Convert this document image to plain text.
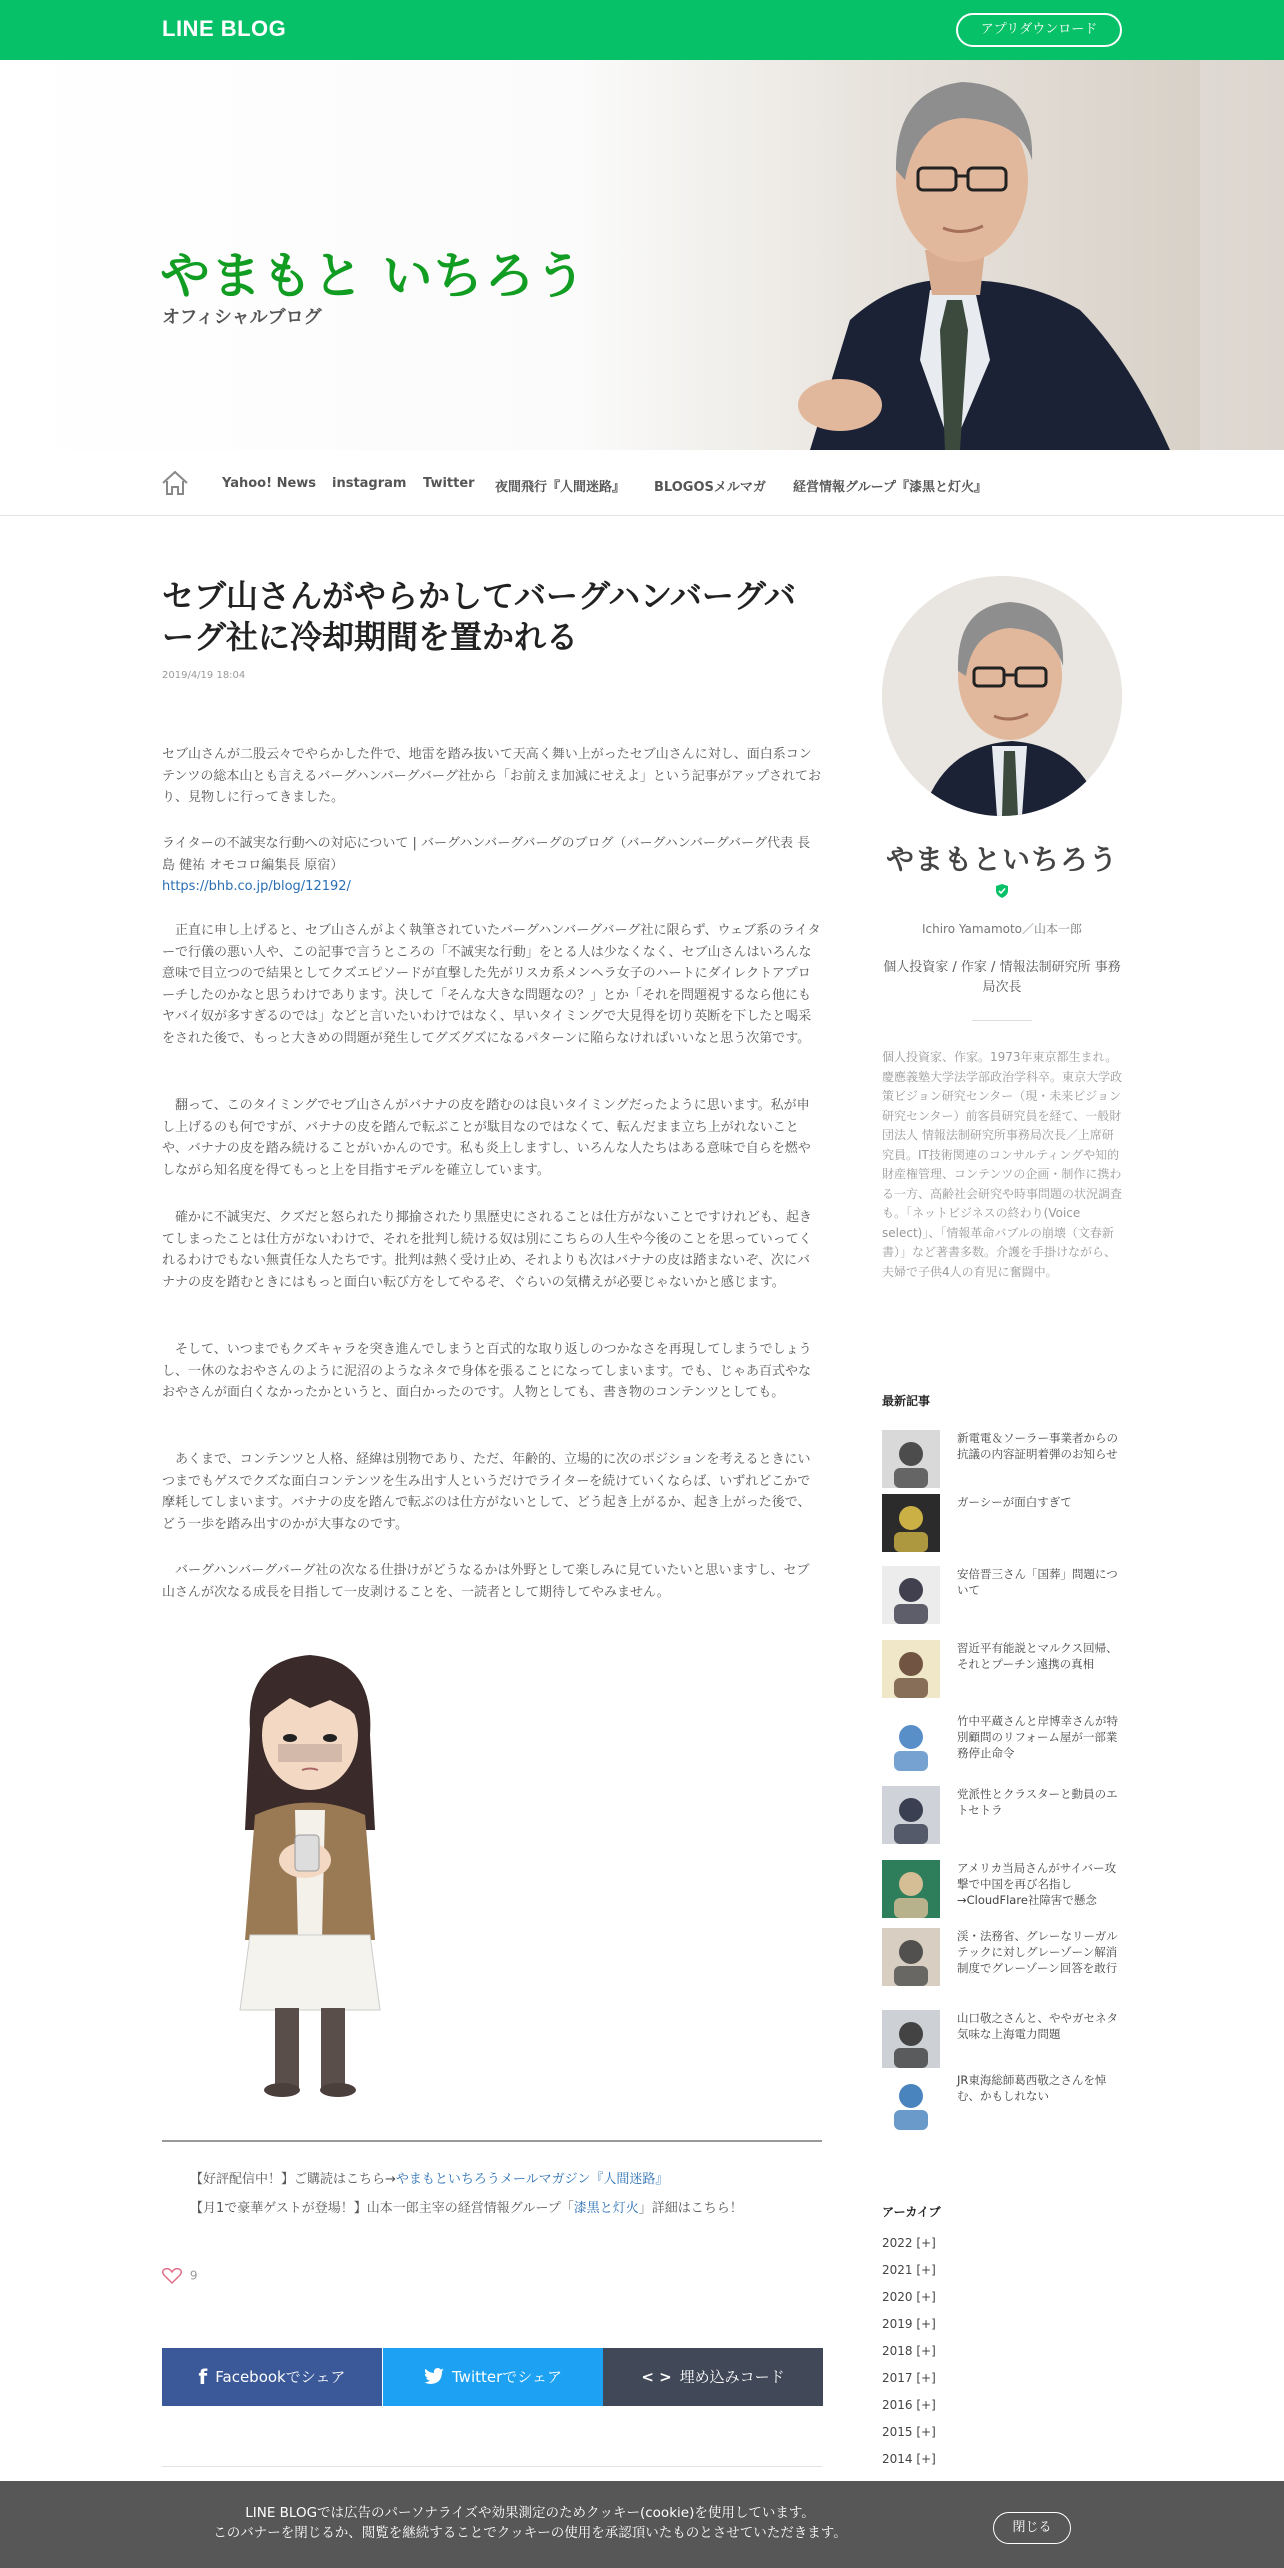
LINE BLOG	アプリダウンロード
やまもと いちろう
オフィシャルブログ
Yahoo! News instagram Twitter 夜間飛行『人間迷路』 BLOGOSメルマガ 経営情報グループ『漆黒と灯火』
セブ山さんがやらかしてバーグハンバーグバーグ社に冷却期間を置かれる
2019/4/19 18:04

セブ山さんが二股云々でやらかした件で、地雷を踏み抜いて天高く舞い上がったセブ山さんに対し、面白系コンテンツの総本山とも言えるバーグハンバーグバーグ社から「お前えま加減にせえよ」という記事がアップされており、見物しに行ってきました。

ライターの不誠実な行動への対応について | バーグハンバーグバーグのブログ（バーグハンバーグバーグ代表 長島 健祐 オモコロ編集長 原宿）
https://bhb.co.jp/blog/12192/

　正直に申し上げると、セブ山さんがよく執筆されていたバーグハンバーグバーグ社に限らず、ウェブ系のライターで行儀の悪い人や、この記事で言うところの「不誠実な行動」をとる人は少なくなく、セブ山さんはいろんな意味で目立つので結果としてクズエピソードが直撃した先がリスカ系メンヘラ女子のハートにダイレクトアプローチしたのかなと思うわけであります。決して「そんな大きな問題なの？」とか「それを問題視するなら他にもヤバイ奴が多すぎるのでは」などと言いたいわけではなく、早いタイミングで大見得を切り英断を下したと喝采をされた後で、もっと大きめの問題が発生してグズグズになるパターンに陥らなければいいなと思う次第です。

　翻って、このタイミングでセブ山さんがバナナの皮を踏むのは良いタイミングだったように思います。私が申し上げるのも何ですが、バナナの皮を踏んで転ぶことが駄目なのではなくて、転んだまま立ち上がれないことや、バナナの皮を踏み続けることがいかんのです。私も炎上しますし、いろんな人たちはある意味で自らを燃やしながら知名度を得てもっと上を目指すモデルを確立しています。

　確かに不誠実だ、クズだと怒られたり揶揄されたり黒歴史にされることは仕方がないことですけれども、起きてしまったことは仕方がないわけで、それを批判し続ける奴は別にこちらの人生や今後のことを思っていってくれるわけでもない無責任な人たちです。批判は熱く受け止め、それよりも次はバナナの皮は踏まないぞ、次にバナナの皮を踏むときにはもっと面白い転び方をしてやるぞ、ぐらいの気構えが必要じゃないかと感じます。

　そして、いつまでもクズキャラを突き進んでしまうと百式的な取り返しのつかなさを再現してしまうでしょうし、一休のなおやさんのように泥沼のようなネタで身体を張ることになってしまいます。でも、じゃあ百式やなおやさんが面白くなかったかというと、面白かったのです。人物としても、書き物のコンテンツとしても。

　あくまで、コンテンツと人格、経緯は別物であり、ただ、年齢的、立場的に次のポジションを考えるときにいつまでもゲスでクズな面白コンテンツを生み出す人というだけでライターを続けていくならば、いずれどこかで摩耗してしまいます。バナナの皮を踏んで転ぶのは仕方がないとして、どう起き上がるか、起き上がった後で、どう一歩を踏み出すのかが大事なのです。

　バーグハンバーグバーグ社の次なる仕掛けがどうなるかは外野として楽しみに見ていたいと思いますし、セブ山さんが次なる成長を目指して一皮剥けることを、一読者として期待してやみません。

【好評配信中！】ご購読はこちら→やまもといちろうメールマガジン『人間迷路』
【月1で豪華ゲストが登場！】山本一郎主宰の経営情報グループ「漆黒と灯火」詳細はこちら！
9
f Facebookでシェア	Twitterでシェア	< > 埋め込みコード
やまもといちろう
Ichiro Yamamoto／山本一郎
個人投資家 / 作家 / 情報法制研究所 事務局次長
個人投資家、作家。1973年東京都生まれ。慶應義塾大学法学部政治学科卒。東京大学政策ビジョン研究センター（現・未来ビジョン研究センター）前客員研究員を経て、一般財団法人 情報法制研究所事務局次長／上席研究員。IT技術関連のコンサルティングや知的財産権管理、コンテンツの企画・制作に携わる一方、高齢社会研究や時事問題の状況調査も。「ネットビジネスの終わり(Voice select)」、「情報革命バブルの崩壊（文春新書）」など著書多数。介護を手掛けながら、夫婦で子供4人の育児に奮闘中。
最新記事
新電電＆ソーラー事業者からの抗議の内容証明着弾のお知らせ
ガーシーが面白すぎて
安倍晋三さん「国葬」問題について
習近平有能説とマルクス回帰、それとプーチン遠携の真相
竹中平蔵さんと岸博幸さんが特別顧問のリフォーム屋が一部業務停止命令
党派性とクラスターと動員のエトセトラ
アメリカ当局さんがサイバー攻撃で中国を再び名指し→CloudFlare社障害で懸念
渓・法務省、グレーなリーガルテックに対しグレーゾーン解消制度でグレーゾーン回答を敢行
山口敬之さんと、ややガセネタ気味な上海電力問題
JR東海総師葛西敬之さんを悼む、かもしれない
アーカイブ
2022 [+]
2021 [+]
2020 [+]
2019 [+]
2018 [+]
2017 [+]
2016 [+]
2015 [+]
2014 [+]
LINE BLOGでは広告のパーソナライズや効果測定のためクッキー(cookie)を使用しています。
このバナーを閉じるか、閲覧を継続することでクッキーの使用を承認頂いたものとさせていただきます。	閉じる
